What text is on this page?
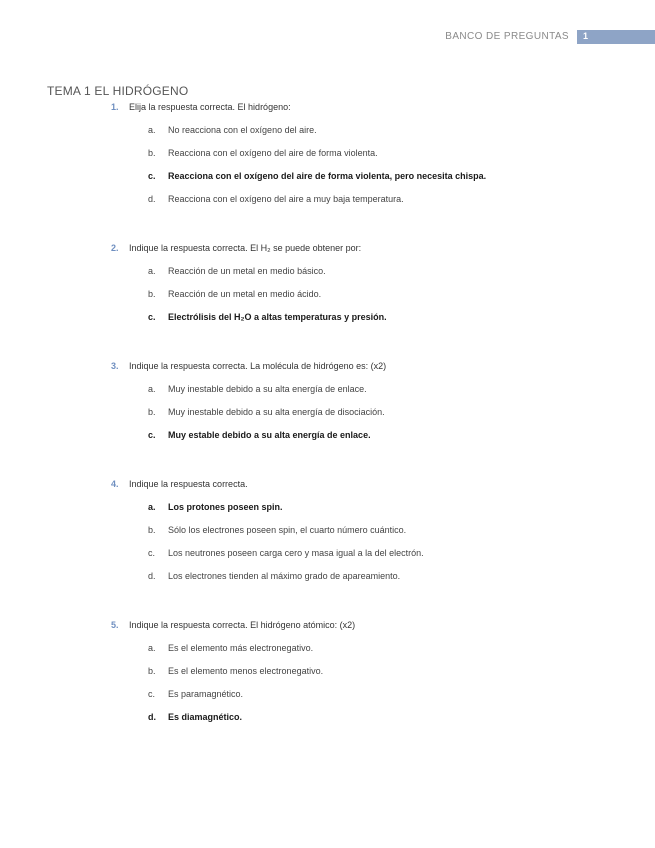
BANCO DE PREGUNTAS 1
TEMA 1 EL HIDRÓGENO
1. Elija la respuesta correcta. El hidrógeno:
a. No reacciona con el oxígeno del aire.
b. Reacciona con el oxígeno del aire de forma violenta.
c. Reacciona con el oxígeno del aire de forma violenta, pero necesita chispa.
d. Reacciona con el oxígeno del aire a muy baja temperatura.
2. Indique la respuesta correcta. El H₂ se puede obtener por:
a. Reacción de un metal en medio básico.
b. Reacción de un metal en medio ácido.
c. Electrólisis del H₂O a altas temperaturas y presión.
3. Indique la respuesta correcta. La molécula de hidrógeno es: (x2)
a. Muy inestable debido a su alta energía de enlace.
b. Muy inestable debido a su alta energía de disociación.
c. Muy estable debido a su alta energía de enlace.
4. Indique la respuesta correcta.
a. Los protones poseen spin.
b. Sólo los electrones poseen spin, el cuarto número cuántico.
c. Los neutrones poseen carga cero y masa igual a la del electrón.
d. Los electrones tienden al máximo grado de apareamiento.
5. Indique la respuesta correcta. El hidrógeno atómico: (x2)
a. Es el elemento más electronegativo.
b. Es el elemento menos electronegativo.
c. Es paramagnético.
d. Es diamagnético.
